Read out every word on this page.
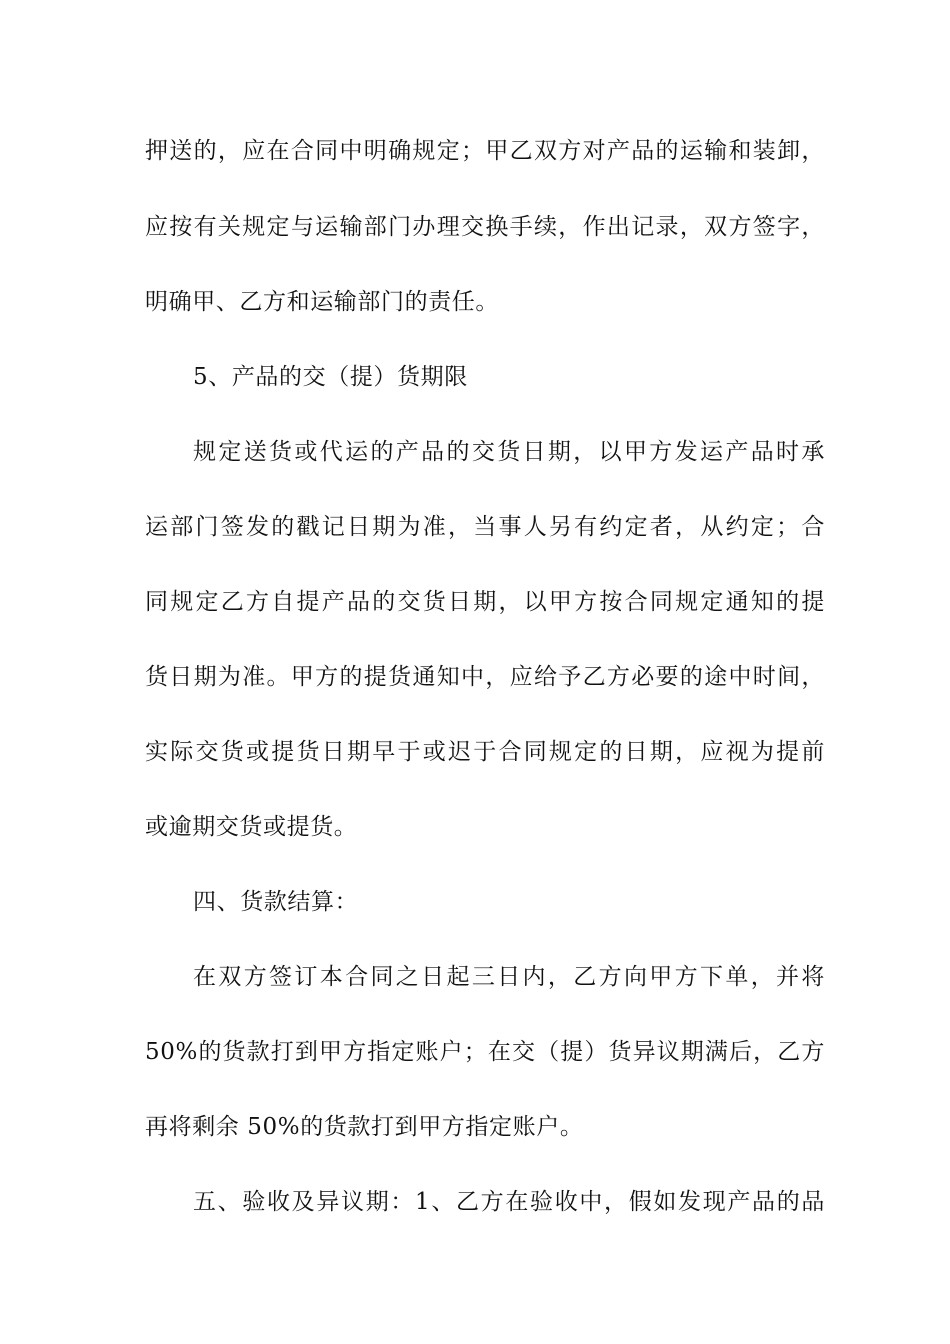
押送的，应在合同中明确规定；甲乙双方对产品的运输和装卸，
应按有关规定与运输部门办理交换手续，作出记录，双方签字，
明确甲、乙方和运输部门的责任。
5、产品的交（提）货期限
规定送货或代运的产品的交货日期，以甲方发运产品时承
运部门签发的戳记日期为准，当事人另有约定者，从约定；合
同规定乙方自提产品的交货日期，以甲方按合同规定通知的提
货日期为准。甲方的提货通知中，应给予乙方必要的途中时间，
实际交货或提货日期早于或迟于合同规定的日期，应视为提前
或逾期交货或提货。
四、货款结算：
在双方签订本合同之日起三日内，乙方向甲方下单，并将
50%的货款打到甲方指定账户；在交（提）货异议期满后，乙方
再将剩余 50%的货款打到甲方指定账户。
五、验收及异议期：1、乙方在验收中，假如发现产品的品
